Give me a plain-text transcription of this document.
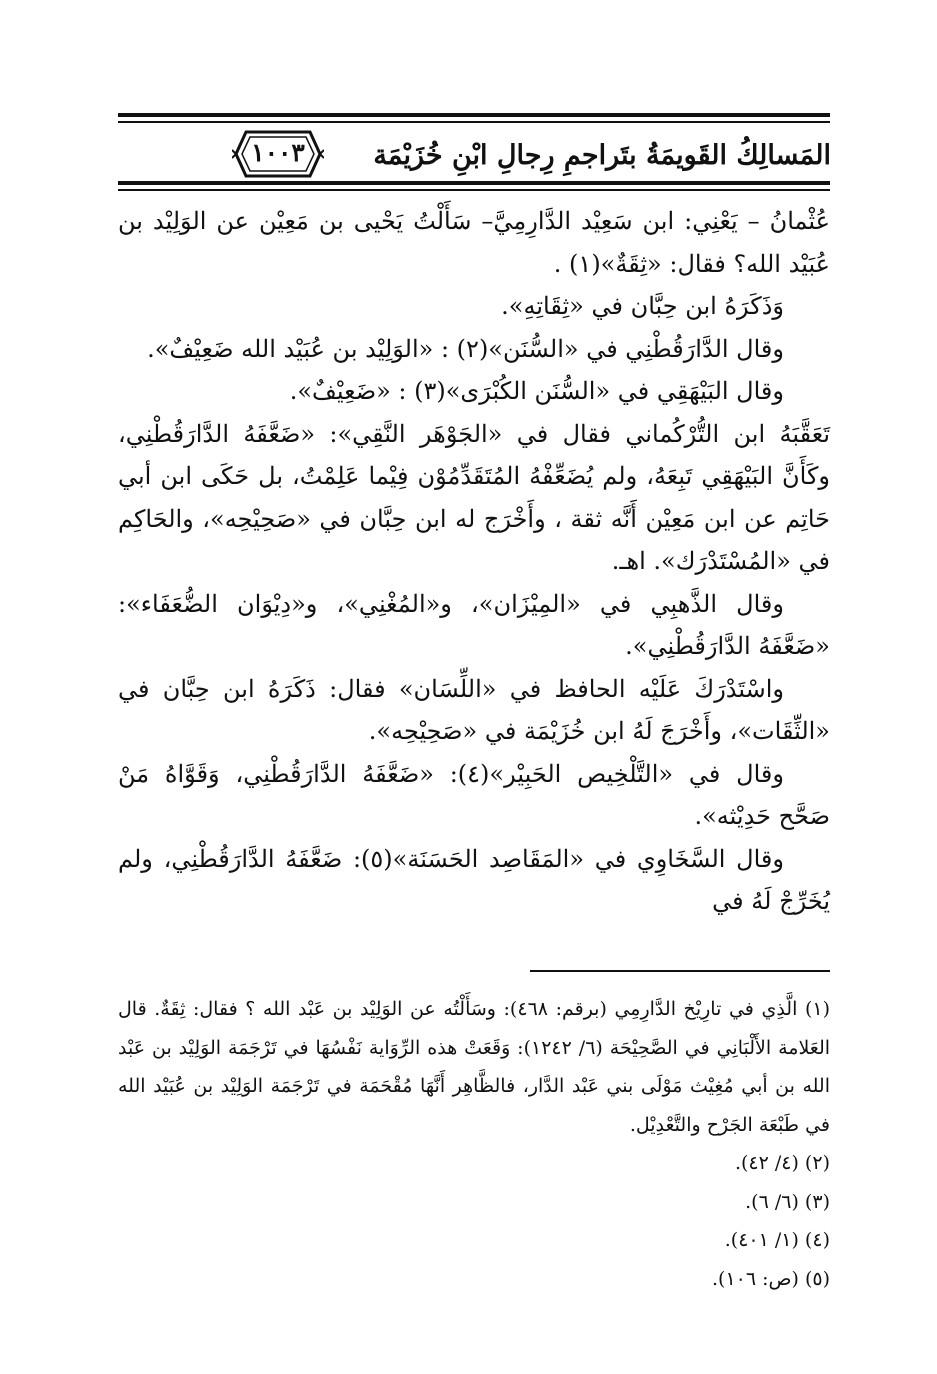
المَسالِكُ القَويمَةُ بتَراجمِ رِجالِ ابْنِ خُزَيْمَة
١٠٠٣

عُثْمانُ – يَعْنِي: ابن سَعِيْد الدَّارِمِيَّ– سَأَلْتُ يَحْيى بن مَعِيْن عن الوَلِيْد بن عُبَيْد الله؟ فقال: «ثِقَةٌ»(١) .

وَذَكَرَهُ ابن حِبَّان في «ثِقَاتِهِ».

وقال الدَّارَقُطْنِي في «السُّنَن»(٢) : «الوَلِيْد بن عُبَيْد الله ضَعِيْفٌ».

وقال البَيْهَقِي في «السُّنَن الكُبْرَى»(٣) : «ضَعِيْفٌ».

تَعَقَّبَهُ ابن التُّرْكُماني فقال في «الجَوْهَر النَّقِي»: «ضَعَّفَهُ الدَّارَقُطْنِي، وكَأَنَّ البَيْهَقِي تَبِعَهُ، ولم يُضَعِّفْهُ المُتَقَدِّمُوْن فِيْما عَلِمْتُ، بل حَكَى ابن أبي حَاتِم عن ابن مَعِيْن أَنَّه ثقة ، وأَخْرَج له ابن حِبَّان في «صَحِيْحِه»، والحَاكِم في «المُسْتَدْرَك». اهـ.

وقال الذَّهبِي في «المِيْزَان»، و«المُغْنِي»، و«دِيْوَان الضُّعَفَاء»: «ضَعَّفَهُ الدَّارَقُطْنِي».

واسْتَدْرَكَ عَلَيْه الحافظ في «اللِّسَان» فقال: ذَكَرَهُ ابن حِبَّان في «الثِّقَات»، وأَخْرَجَ لَهُ ابن خُزَيْمَة في «صَحِيْحِه».

وقال في «التَّلْخِيص الحَبِيْر»(٤): «ضَعَّفَهُ الدَّارَقُطْنِي، وَقَوَّاهُ مَنْ صَحَّح حَدِيْثه».

وقال السَّخَاوِي في «المَقَاصِد الحَسَنَة»(٥): ضَعَّفَهُ الدَّارَقُطْنِي، ولم يُخَرِّجْ لَهُ في

(١) الَّذِي في تارِيْخ الدَّارِمِي (برقم: ٤٦٨): وسَأَلْتُه عن الوَلِيْد بن عَبْد الله ؟ فقال: ثِقَةٌ. قال العَلامة الأَلْبَانِي في الصَّحِيْحَة (٦/ ١٢٤٢): وَقَعَتْ هذه الرِّوَاية نَفْسُهَا في تَرْجَمَة الوَلِيْد بن عَبْد الله بن أبي مُغِيْث مَوْلَى بني عَبْد الدَّار، فالظَّاهِر أَنَّهَا مُقْحَمَة في تَرْجَمَة الوَلِيْد بن عُبَيْد الله في طَبْعَة الجَرْح والتَّعْدِيْل.

(٢) (٤/ ٤٢).

(٣) (٦/ ٦).

(٤) (١/ ٤٠١).

(٥) (ص: ١٠٦).
